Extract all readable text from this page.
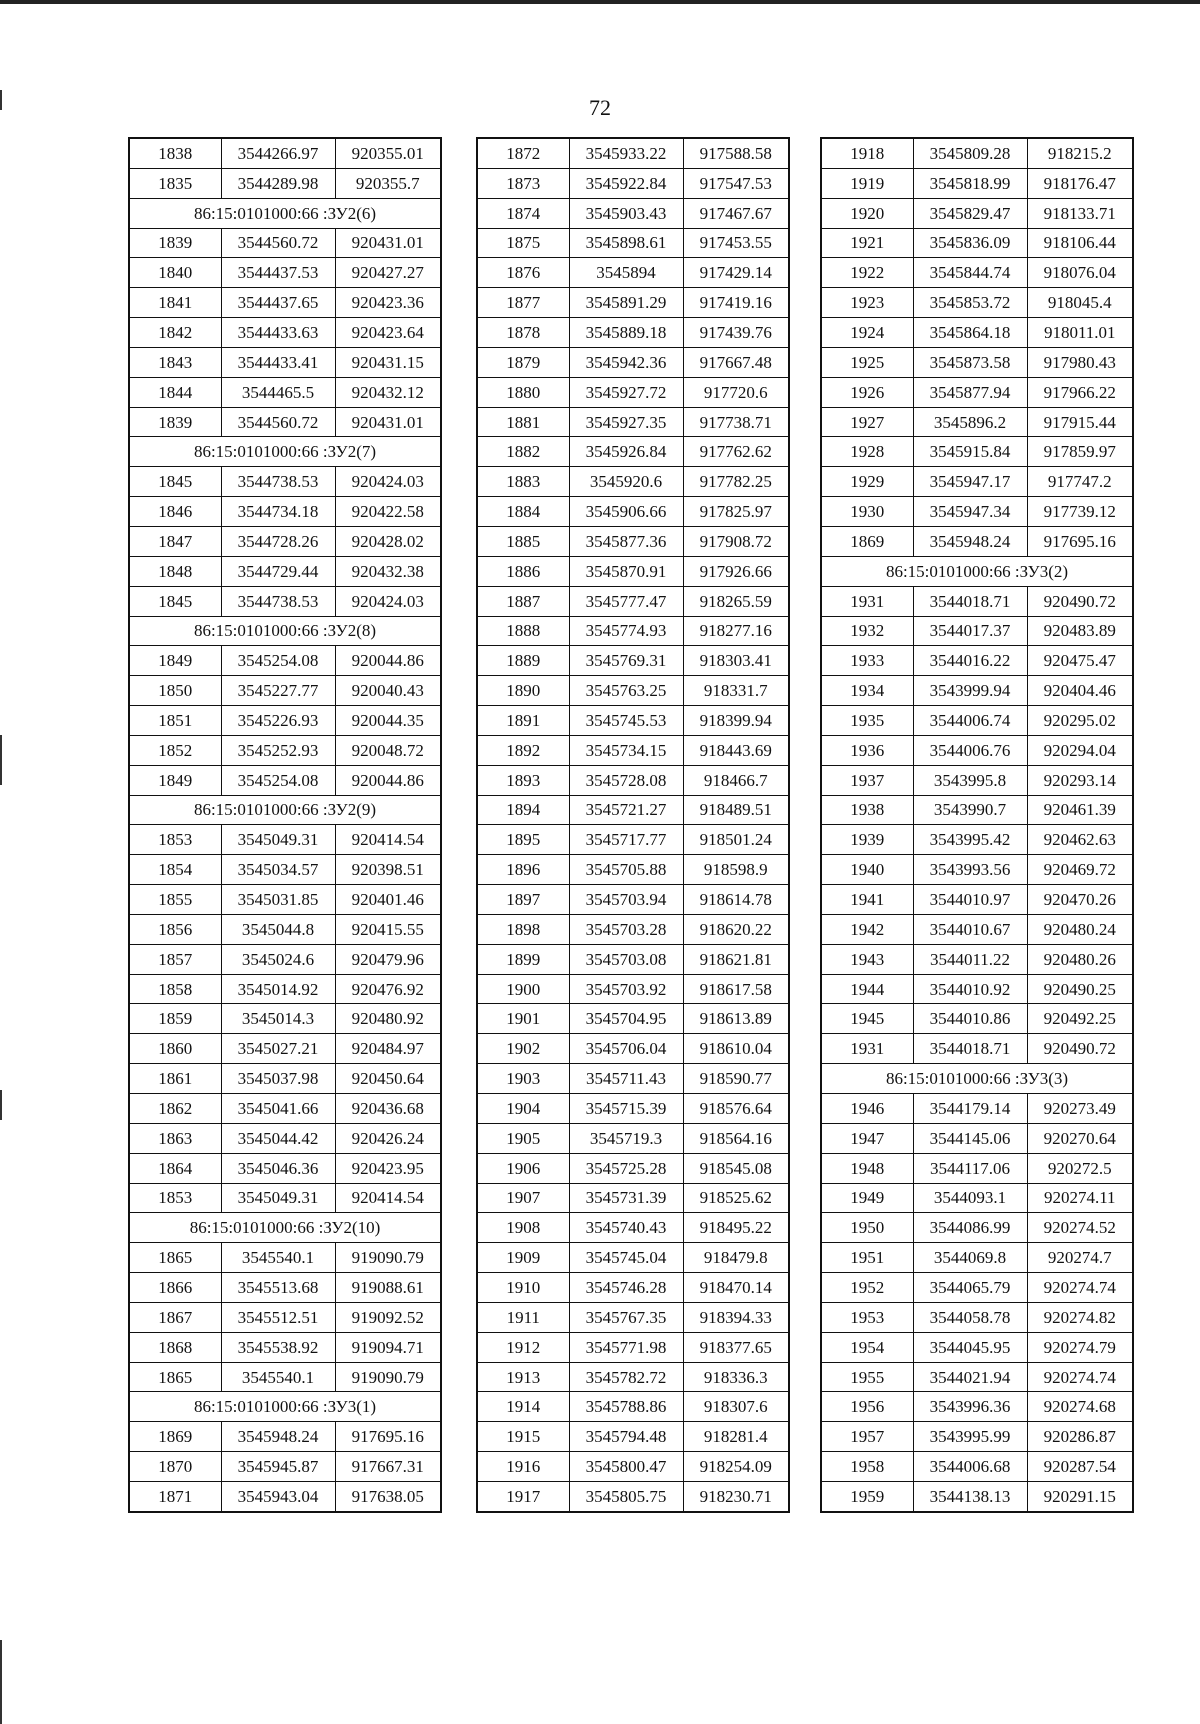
72
1838	3544266.97	920355.01
1835	3544289.98	920355.7
86:15:0101000:66 :ЗУ2(6)		
1839	3544560.72	920431.01
1840	3544437.53	920427.27
1841	3544437.65	920423.36
1842	3544433.63	920423.64
1843	3544433.41	920431.15
1844	3544465.5	920432.12
1839	3544560.72	920431.01
86:15:0101000:66 :ЗУ2(7)		
1845	3544738.53	920424.03
1846	3544734.18	920422.58
1847	3544728.26	920428.02
1848	3544729.44	920432.38
1845	3544738.53	920424.03
86:15:0101000:66 :ЗУ2(8)		
1849	3545254.08	920044.86
1850	3545227.77	920040.43
1851	3545226.93	920044.35
1852	3545252.93	920048.72
1849	3545254.08	920044.86
86:15:0101000:66 :ЗУ2(9)		
1853	3545049.31	920414.54
1854	3545034.57	920398.51
1855	3545031.85	920401.46
1856	3545044.8	920415.55
1857	3545024.6	920479.96
1858	3545014.92	920476.92
1859	3545014.3	920480.92
1860	3545027.21	920484.97
1861	3545037.98	920450.64
1862	3545041.66	920436.68
1863	3545044.42	920426.24
1864	3545046.36	920423.95
1853	3545049.31	920414.54
86:15:0101000:66 :ЗУ2(10)		
1865	3545540.1	919090.79
1866	3545513.68	919088.61
1867	3545512.51	919092.52
1868	3545538.92	919094.71
1865	3545540.1	919090.79
86:15:0101000:66 :ЗУ3(1)		
1869	3545948.24	917695.16
1870	3545945.87	917667.31
1871	3545943.04	917638.05
1872	3545933.22	917588.58
1873	3545922.84	917547.53
1874	3545903.43	917467.67
1875	3545898.61	917453.55
1876	3545894	917429.14
1877	3545891.29	917419.16
1878	3545889.18	917439.76
1879	3545942.36	917667.48
1880	3545927.72	917720.6
1881	3545927.35	917738.71
1882	3545926.84	917762.62
1883	3545920.6	917782.25
1884	3545906.66	917825.97
1885	3545877.36	917908.72
1886	3545870.91	917926.66
1887	3545777.47	918265.59
1888	3545774.93	918277.16
1889	3545769.31	918303.41
1890	3545763.25	918331.7
1891	3545745.53	918399.94
1892	3545734.15	918443.69
1893	3545728.08	918466.7
1894	3545721.27	918489.51
1895	3545717.77	918501.24
1896	3545705.88	918598.9
1897	3545703.94	918614.78
1898	3545703.28	918620.22
1899	3545703.08	918621.81
1900	3545703.92	918617.58
1901	3545704.95	918613.89
1902	3545706.04	918610.04
1903	3545711.43	918590.77
1904	3545715.39	918576.64
1905	3545719.3	918564.16
1906	3545725.28	918545.08
1907	3545731.39	918525.62
1908	3545740.43	918495.22
1909	3545745.04	918479.8
1910	3545746.28	918470.14
1911	3545767.35	918394.33
1912	3545771.98	918377.65
1913	3545782.72	918336.3
1914	3545788.86	918307.6
1915	3545794.48	918281.4
1916	3545800.47	918254.09
1917	3545805.75	918230.71
1918	3545809.28	918215.2
1919	3545818.99	918176.47
1920	3545829.47	918133.71
1921	3545836.09	918106.44
1922	3545844.74	918076.04
1923	3545853.72	918045.4
1924	3545864.18	918011.01
1925	3545873.58	917980.43
1926	3545877.94	917966.22
1927	3545896.2	917915.44
1928	3545915.84	917859.97
1929	3545947.17	917747.2
1930	3545947.34	917739.12
1869	3545948.24	917695.16
86:15:0101000:66 :ЗУ3(2)		
1931	3544018.71	920490.72
1932	3544017.37	920483.89
1933	3544016.22	920475.47
1934	3543999.94	920404.46
1935	3544006.74	920295.02
1936	3544006.76	920294.04
1937	3543995.8	920293.14
1938	3543990.7	920461.39
1939	3543995.42	920462.63
1940	3543993.56	920469.72
1941	3544010.97	920470.26
1942	3544010.67	920480.24
1943	3544011.22	920480.26
1944	3544010.92	920490.25
1945	3544010.86	920492.25
1931	3544018.71	920490.72
86:15:0101000:66 :ЗУ3(3)		
1946	3544179.14	920273.49
1947	3544145.06	920270.64
1948	3544117.06	920272.5
1949	3544093.1	920274.11
1950	3544086.99	920274.52
1951	3544069.8	920274.7
1952	3544065.79	920274.74
1953	3544058.78	920274.82
1954	3544045.95	920274.79
1955	3544021.94	920274.74
1956	3543996.36	920274.68
1957	3543995.99	920286.87
1958	3544006.68	920287.54
1959	3544138.13	920291.15
